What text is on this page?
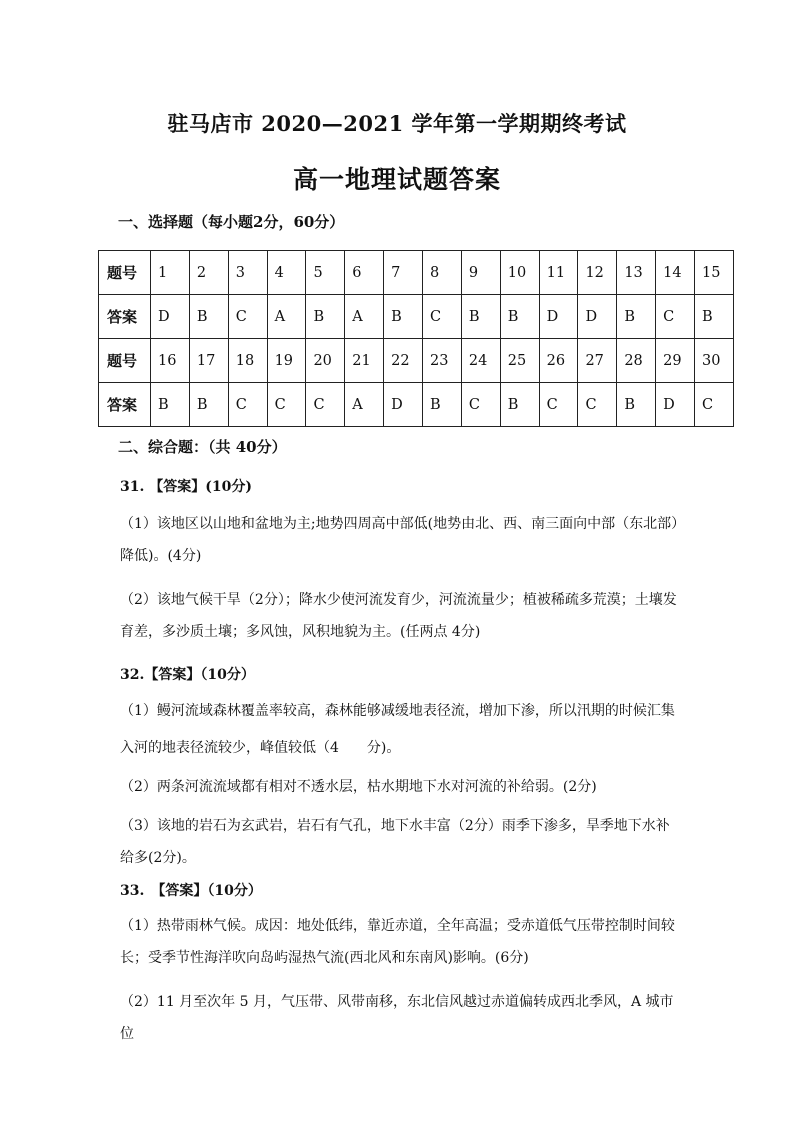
驻马店市 2020—2021 学年第一学期期终考试
高一地理试题答案
一、选择题（每小题2分，60分）
题号	1	2	3	4	5	6	7	8	9	10	11	12	13	14	15
答案	D	B	C	A	B	A	B	C	B	B	D	D	B	C	B
题号	16	17	18	19	20	21	22	23	24	25	26	27	28	29	30
答案	B	B	C	C	C	A	D	B	C	B	C	C	B	D	C
二、综合题：（共 40分）
31. 【答案】(10分)
（1）该地区以山地和盆地为主;地势四周高中部低(地势由北、西、南三面向中部（东北部）
降低)。(4分)
（2）该地气候干旱（2分）；降水少使河流发育少，河流流量少；植被稀疏多荒漠；土壤发
育差，多沙质土壤；多风蚀，风积地貌为主。(任两点 4分)
32.【答案】（10分）
（1）鳗河流域森林覆盖率较高，森林能够减缓地表径流，增加下渗，所以汛期的时候汇集
入河的地表径流较少，峰值较低（4　　分)。
（2）两条河流流域都有相对不透水层，枯水期地下水对河流的补给弱。(2分)
（3）该地的岩石为玄武岩，岩石有气孔，地下水丰富（2分）雨季下渗多，旱季地下水补
给多(2分)。
33.　【答案】（10分）
（1）热带雨林气候。成因：地处低纬，靠近赤道，全年高温；受赤道低气压带控制时间较
长；受季节性海洋吹向岛屿湿热气流(西北风和东南风)影响。(6分)
（2）11 月至次年 5 月，气压带、风带南移，东北信风越过赤道偏转成西北季风，A 城市位
